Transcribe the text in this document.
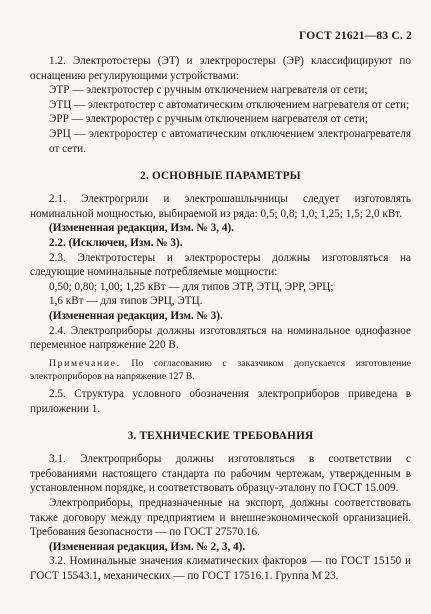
ГОСТ 21621—83 С. 2

1.2. Электротостеры (ЭТ) и электроростеры (ЭР) классифицируют по оснащению регулирующими устройствами:

ЭТР — электротостер с ручным отключением нагревателя от сети;

ЭТЦ — электротостер с автоматическим отключением нагревателя от сети;

ЭРР — электроростер с ручным отключением нагревателя от сети;

ЭРЦ — электроростер с автоматическим отключением электронагревателя от сети.

2. ОСНОВНЫЕ ПАРАМЕТРЫ

2.1. Электрогрили и электрошашлычницы следует изготовлять номинальной мощностью, выбираемой из ряда: 0,5; 0,8; 1,0; 1,25; 1,5; 2,0 кВт.

(Измененная редакция, Изм. № 3, 4).

2.2. (Исключен, Изм. № 3).

2.3. Электротостеры и электроростеры должны изготовляться на следующие номинальные потребляемые мощности:

0,50; 0,80; 1,00; 1,25 кВт — для типов ЭТР, ЭТЦ, ЭРР, ЭРЦ;

1,6 кВт — для типов ЭРЦ, ЭТЦ.

(Измененная редакция, Изм. № 3).

2.4. Электроприборы должны изготовляться на номинальное однофазное переменное напряжение 220 В.

Примечание. По согласованию с заказчиком допускается изготовление электроприборов на напряжение 127 В.

2.5. Структура условного обозначения электроприборов приведена в приложении 1.

3. ТЕХНИЧЕСКИЕ ТРЕБОВАНИЯ

3.1. Электроприборы должны изготовляться в соответствии с требованиями настоящего стандарта по рабочим чертежам, утвержденным в установленном порядке, и соответствовать образцу-эталону по ГОСТ 15.009.

Электроприборы, предназначенные на экспорт, должны соответствовать также договору между предприятием и внешнеэкономической организацией. Требования безопасности — по ГОСТ 27570.16.

(Измененная редакция, Изм. № 2, 3, 4).

3.2. Номинальные значения климатических факторов — по ГОСТ 15150 и ГОСТ 15543.1, механических — по ГОСТ 17516.1. Группа М 23.
